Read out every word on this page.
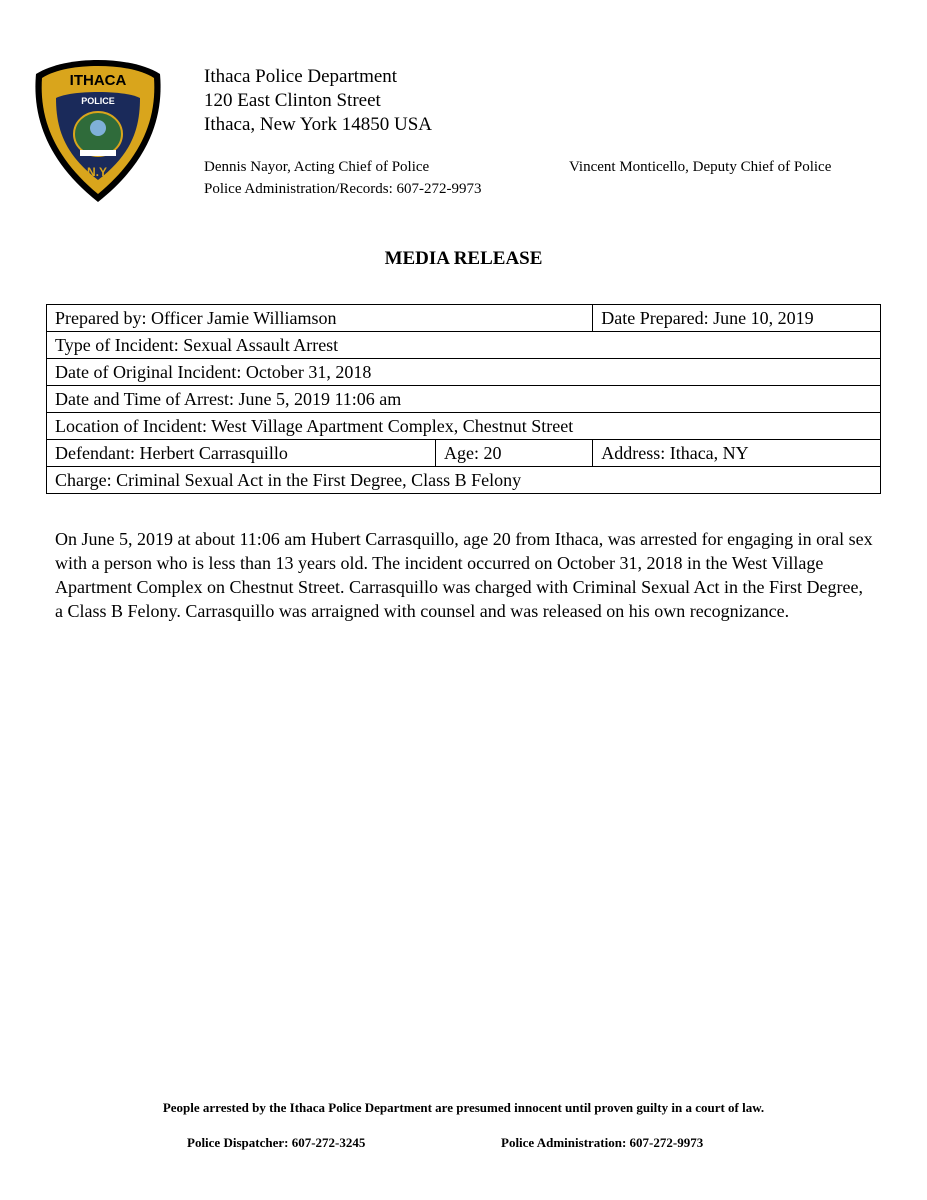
ITHACA
POLICE
N.Y.
Ithaca Police Department
120 East Clinton Street
Ithaca, New York 14850 USA
Dennis Nayor, Acting Chief of Police	Vincent Monticello, Deputy Chief of Police
Police Administration/Records: 607-272-9973
MEDIA RELEASE
Prepared by: Officer Jamie Williamson		Date Prepared: June 10, 2019
Type of Incident: Sexual Assault Arrest		
Date of Original Incident: October 31, 2018		
Date and Time of Arrest: June 5, 2019 11:06 am		
Location of Incident: West Village Apartment Complex, Chestnut Street		
Defendant: Herbert Carrasquillo	Age: 20	Address: Ithaca, NY
Charge: Criminal Sexual Act in the First Degree, Class B Felony		
On June 5, 2019 at about 11:06 am Hubert Carrasquillo, age 20 from Ithaca, was arrested for engaging in oral sex with a person who is less than 13 years old. The incident occurred on October 31, 2018 in the West Village Apartment Complex on Chestnut Street. Carrasquillo was charged with Criminal Sexual Act in the First Degree, a Class B Felony. Carrasquillo was arraigned with counsel and was released on his own recognizance.
People arrested by the Ithaca Police Department are presumed innocent until proven guilty in a court of law.
Police Dispatcher: 607-272-3245	Police Administration: 607-272-9973
